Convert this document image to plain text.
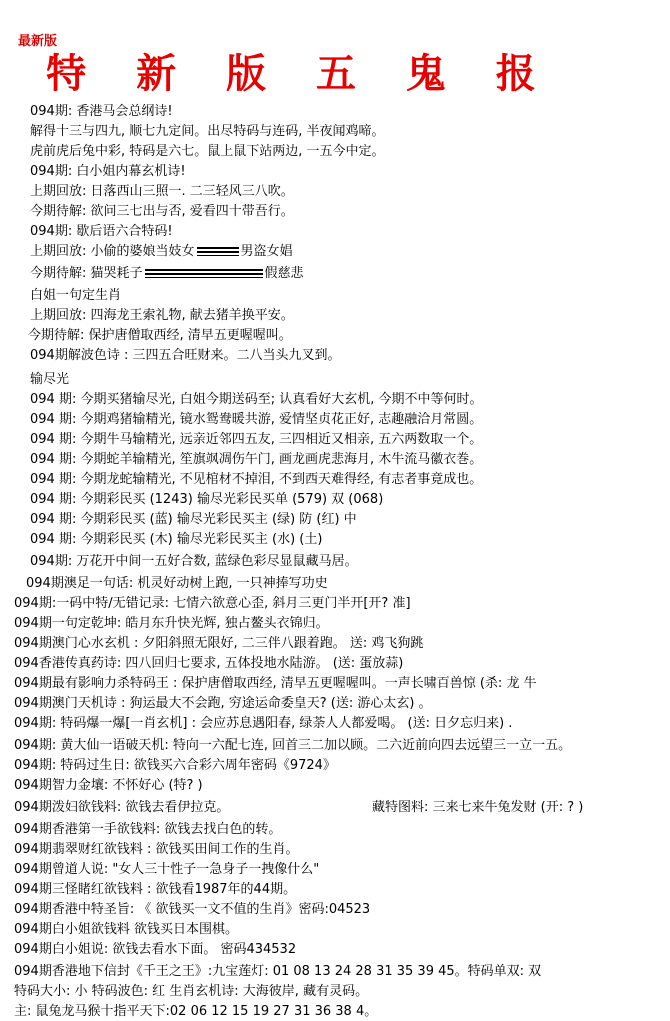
最新版
特 新 版 五 鬼 报
094期: 香港马会总纲诗!
解得十三与四九, 顺七九定间。出尽特码与连码, 半夜闻鸡啼。
虎前虎后兔中彩, 特码是六七。鼠上鼠下站两边, 一五今中定。
094期: 白小姐内幕玄机诗!
上期回放: 日落西山三照一. 二三轻风三八吹。
今期待解: 欲问三七出与否, 爱看四十带吾行。
094期: 歇后语六合特码!
上期回放: 小偷的婆娘当妓女	男盗女娼
今期待解: 猫哭耗子	假慈悲
白姐一句定生肖
上期回放: 四海龙王索礼物, 献去猪羊换平安。
今期待解: 保护唐僧取西经, 清早五更喔喔叫。
094期解波色诗 : 三四五合旺财来。二八当头九叉到。
输尽光
094 期: 今期买猪输尽光, 白姐今期送码至; 认真看好大玄机, 今期不中等何时。
094 期: 今期鸡猪输精光, 镜水鸳鸯暖共游, 爱情坚贞花正好, 志趣融洽月常圆。
094 期: 今期牛马输精光, 远亲近邻四五友, 三四相近又相亲, 五六两数取一个。
094 期: 今期蛇羊输精光, 笙旗飒凋伤午门, 画龙画虎悲海月, 木牛流马徽衣巻。
094 期: 今期龙蛇输精光, 不见棺材不掉泪, 不到西天难得经, 有志者事竟成也。
094 期: 今期彩民买 (1243) 输尽光彩民买单 (579) 双 (068)
094 期: 今期彩民买 (蓝) 输尽光彩民买主 (绿) 防 (红) 中
094 期: 今期彩民买 (木) 输尽光彩民买主 (水) (土)
094期: 万花开中间一五好合数, 蓝绿色彩尽显鼠藏马居。
094期澳足一句话: 机灵好动树上跑, 一只神捧写功史
094期:一码中特/无错记录: 七情六欲意心歪, 斜月三更门半开[开? 准]
094期一句定乾坤: 皓月东升快光辉, 独占鳌头衣锦归。
094期澳门心水玄机 : 夕阳斜照无限好, 二三伴八跟着跑。 送: 鸡飞狗跳
094香港传真药诗: 四八回归七要求, 五体投地水陆游。 (送: 蛋放蒜)
094期最有影响力杀特码王 : 保护唐僧取西经, 清早五更喔喔叫。一声长啸百兽惊 (杀: 龙 牛
094期澳门天机诗 : 狗运最大不会跑, 穷途运命委皇天? (送: 游心太玄) 。
094期: 特码爆一爆[一肖玄机] : 会应苏息遇阳春, 绿荼人人都爱喝。 (送: 日夕忘归来) .
094期: 黄大仙一语破天机: 特向一六配七连, 回首三二加以顾。二六近前向四去远望三一立一五。
094期: 特码过生日: 欲钱买六合彩六周年密码《9724》
094期智力金壤: 不怀好心 (特? )
094期泼妇欲钱料: 欲钱去看伊拉克。	藏特图料: 三来七来牛兔发财 (开: ? )
094期香港第一手欲钱料: 欲钱去找白色的转。
094期翡翠财红欲钱料 : 欲钱买田间工作的生肖。
094期曾道人说: "女人三十性子一急身子一拽像什么"
094期三怪睹红欲钱料 : 欲钱看1987年的44期。
094期香港中特圣旨: 《 欲钱买一文不值的生肖》密码:04523
094期白小姐欲钱料 欲钱买日本围棋。
094期白小姐说: 欲钱去看水下面。 密码434532
094期香港地下信封《千王之王》:九宝莲灯: 01 08 13 24 28 31 35 39 45。特码单双: 双
特码大小: 小 特码波色: 红 生肖玄机诗: 大海彼岸, 藏有灵码。
主: 鼠兔龙马猴十指平天下:02 06 12 15 19 27 31 36 38 4。
